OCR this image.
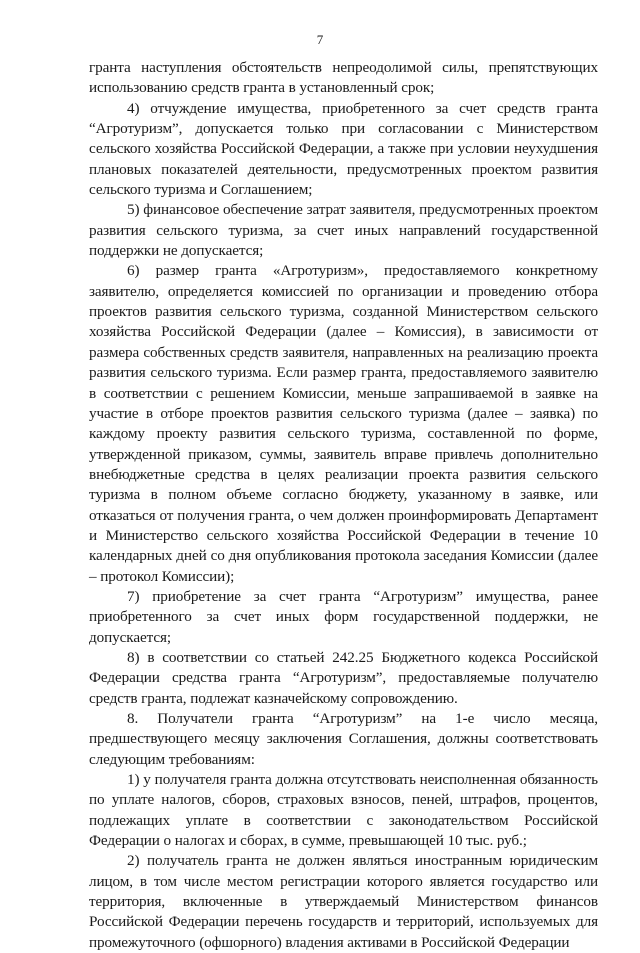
7

гранта наступления обстоятельств непреодолимой силы, препятствующих использованию средств гранта в установленный срок;

4) отчуждение имущества, приобретенного за счет средств гранта “Агротуризм”, допускается только при согласовании с Министерством сельского хозяйства Российской Федерации, а также при условии неухудшения плановых показателей деятельности, предусмотренных проектом развития сельского туризма и Соглашением;

5) финансовое обеспечение затрат заявителя, предусмотренных проектом развития сельского туризма, за счет иных направлений государственной поддержки не допускается;

6) размер гранта «Агротуризм», предоставляемого конкретному заявителю, определяется комиссией по организации и проведению отбора проектов развития сельского туризма, созданной Министерством сельского хозяйства Российской Федерации (далее – Комиссия), в зависимости от размера собственных средств заявителя, направленных на реализацию проекта развития сельского туризма. Если размер гранта, предоставляемого заявителю в соответствии с решением Комиссии, меньше запрашиваемой в заявке на участие в отборе проектов развития сельского туризма (далее – заявка) по каждому проекту развития сельского туризма, составленной по форме, утвержденной приказом, суммы, заявитель вправе привлечь дополнительно внебюджетные средства в целях реализации проекта развития сельского туризма в полном объеме согласно бюджету, указанному в заявке, или отказаться от получения гранта, о чем должен проинформировать Департамент и Министерство сельского хозяйства Российской Федерации в течение 10 календарных дней со дня опубликования протокола заседания Комиссии (далее – протокол Комиссии);

7) приобретение за счет гранта “Агротуризм” имущества, ранее приобретенного за счет иных форм государственной поддержки, не допускается;

8) в соответствии со статьей 242.25 Бюджетного кодекса Российской Федерации средства гранта “Агротуризм”, предоставляемые получателю средств гранта, подлежат казначейскому сопровождению.

8. Получатели гранта “Агротуризм” на 1-е число месяца, предшествующего месяцу заключения Соглашения, должны соответствовать следующим требованиям:

1) у получателя гранта должна отсутствовать неисполненная обязанность по уплате налогов, сборов, страховых взносов, пеней, штрафов, процентов, подлежащих уплате в соответствии с законодательством Российской Федерации о налогах и сборах, в сумме, превышающей 10 тыс. руб.;

2) получатель гранта не должен являться иностранным юридическим лицом, в том числе местом регистрации которого является государство или территория, включенные в утверждаемый Министерством финансов Российской Федерации перечень государств и территорий, используемых для промежуточного (офшорного) владения активами в Российской Федерации
